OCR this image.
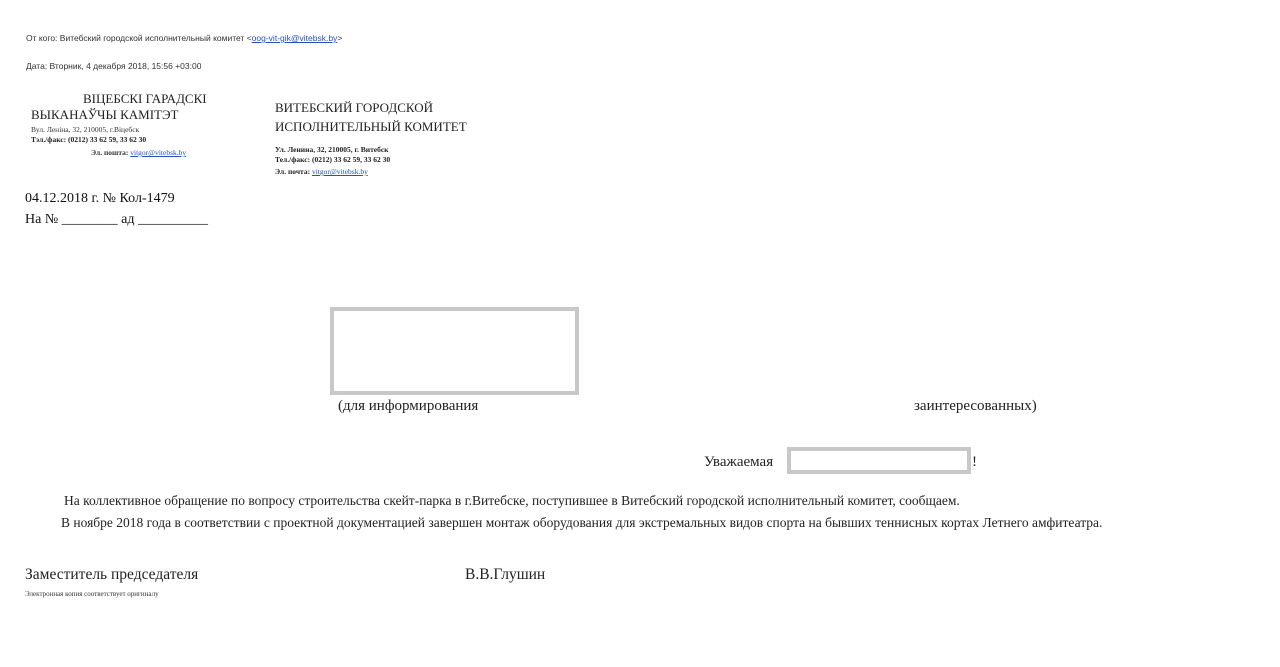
От кого: Витебский городской исполнительный комитет <oog-vit-gik@vitebsk.by>
Дата: Вторник, 4 декабря 2018, 15:56 +03:00
ВІЦЕБСКІ ГАРАДСКІ
ВЫКАНАЎЧЫ КАМІТЭТ
Вул. Леніна, 32, 210005, г.Віцебск
Тэл./факс: (0212) 33 62 59, 33 62 30
Эл. пошта: vitgor@vitebsk.by
ВИТЕБСКИЙ ГОРОДСКОЙ
ИСПОЛНИТЕЛЬНЫЙ КОМИТЕТ
Ул. Ленина, 32, 210005, г. Витебск
Тел./факс: (0212) 33 62 59, 33 62 30
Эл. почта: vitgor@vitebsk.by
04.12.2018 г. № Кол-1479
На № ________ ад __________
(для информирования	заинтересованных)
Уважаемая	!
На коллективное обращение по вопросу строительства скейт-парка в г.Витебске, поступившее в Витебский городской исполнительный комитет, сообщаем.
В ноябре 2018 года в соответствии с проектной документацией завершен монтаж оборудования для экстремальных видов спорта на бывших теннисных кортах Летнего амфитеатра.
Заместитель председателя	В.В.Глушин
Электронная копия соответствует оригиналу
